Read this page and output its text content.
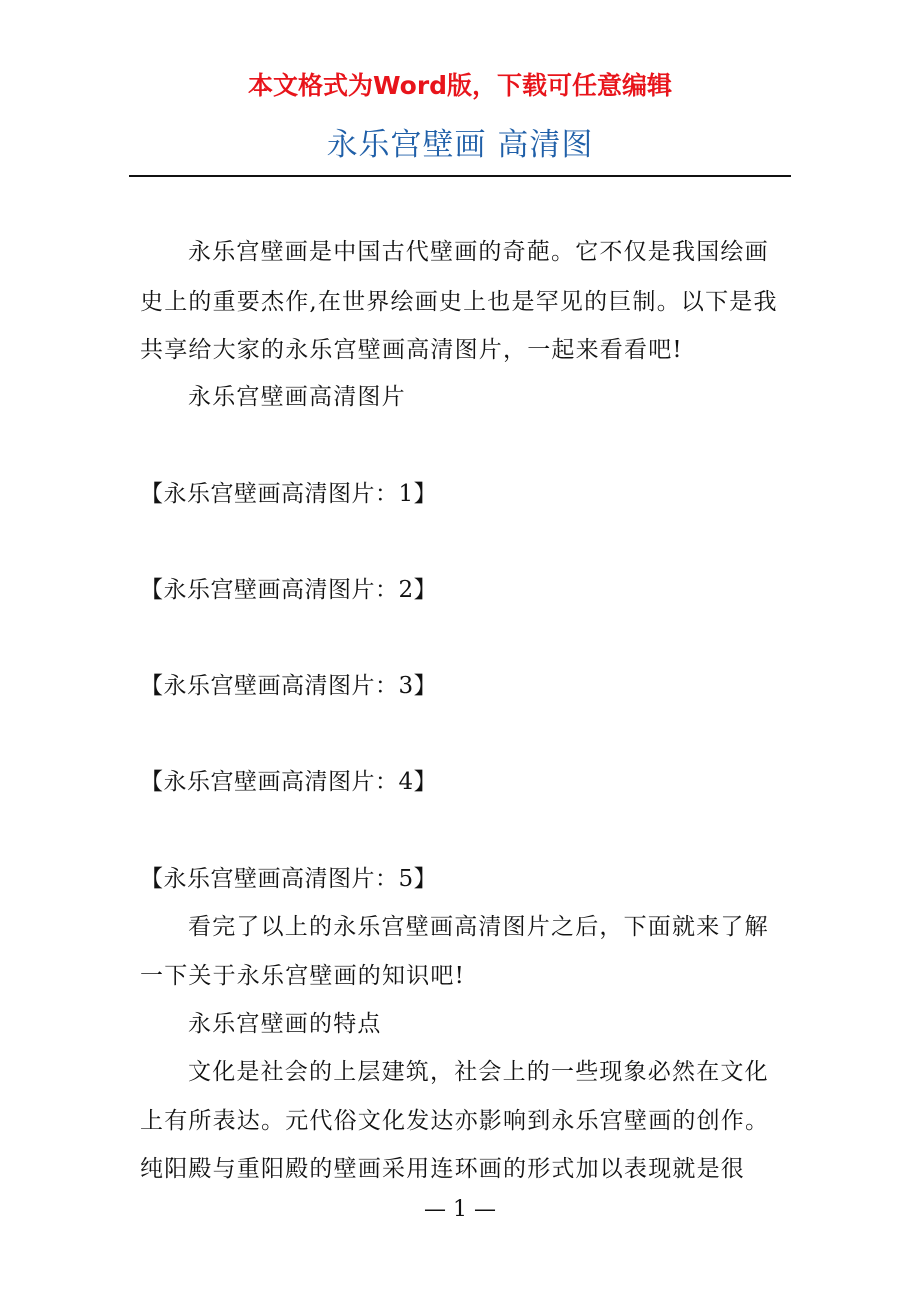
本文格式为Word版，下载可任意编辑
永乐宫壁画 高清图
永乐宫壁画是中国古代壁画的奇葩。它不仅是我国绘画
史上的重要杰作,在世界绘画史上也是罕见的巨制。以下是我
共享给大家的永乐宫壁画高清图片，一起来看看吧!
永乐宫壁画高清图片
【永乐宫壁画高清图片：1】
【永乐宫壁画高清图片：2】
【永乐宫壁画高清图片：3】
【永乐宫壁画高清图片：4】
【永乐宫壁画高清图片：5】
看完了以上的永乐宫壁画高清图片之后，下面就来了解
一下关于永乐宫壁画的知识吧!
永乐宫壁画的特点
文化是社会的上层建筑，社会上的一些现象必然在文化
上有所表达。元代俗文化发达亦影响到永乐宫壁画的创作。
纯阳殿与重阳殿的壁画采用连环画的形式加以表现就是很
— 1 —
